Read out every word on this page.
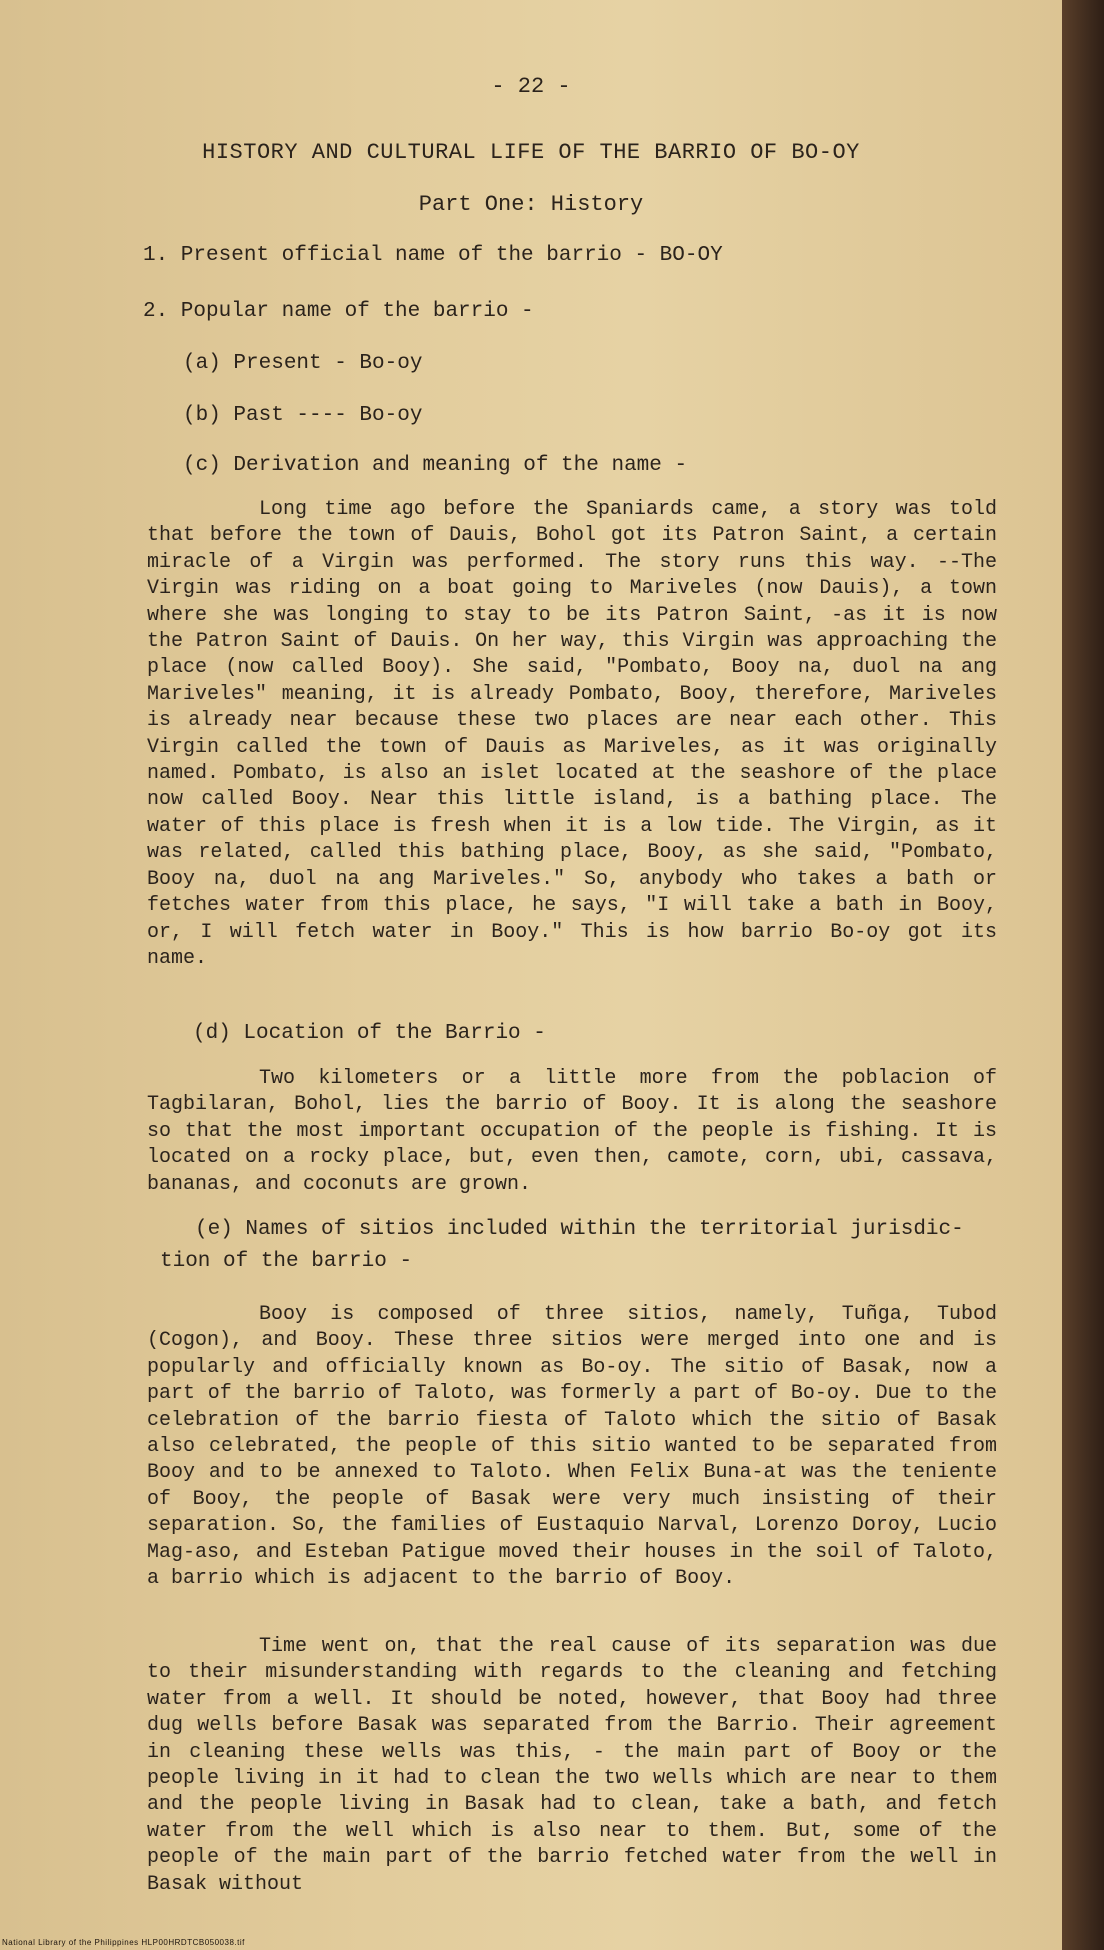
- 22 -
HISTORY AND CULTURAL LIFE OF THE BARRIO OF BO-OY
Part One: History
1. Present official name of the barrio - BO-OY
2. Popular name of the barrio -
(a) Present - Bo-oy
(b) Past ---- Bo-oy
(c) Derivation and meaning of the name -

Long time ago before the Spaniards came, a story was told that before the town of Dauis, Bohol got its Patron Saint, a certain miracle of a Virgin was performed. The story runs this way. --The Virgin was riding on a boat going to Mariveles (now Dauis), a town where she was longing to stay to be its Patron Saint, -as it is now the Patron Saint of Dauis. On her way, this Virgin was approaching the place (now called Booy). She said, "Pombato, Booy na, duol na ang Mariveles" meaning, it is already Pombato, Booy, therefore, Mariveles is already near because these two places are near each other. This Virgin called the town of Dauis as Mariveles, as it was originally named. Pombato, is also an islet located at the seashore of the place now called Booy. Near this little island, is a bathing place. The water of this place is fresh when it is a low tide. The Virgin, as it was related, called this bathing place, Booy, as she said, "Pombato, Booy na, duol na ang Mariveles." So, anybody who takes a bath or fetches water from this place, he says, "I will take a bath in Booy, or, I will fetch water in Booy." This is how barrio Bo-oy got its name.

(d) Location of the Barrio -

Two kilometers or a little more from the poblacion of Tagbilaran, Bohol, lies the barrio of Booy. It is along the seashore so that the most important occupation of the people is fishing. It is located on a rocky place, but, even then, camote, corn, ubi, cassava, bananas, and coconuts are grown.

(e) Names of sitios included within the territorial jurisdic-
tion of the barrio -

Booy is composed of three sitios, namely, Tuñga, Tubod (Cogon), and Booy. These three sitios were merged into one and is popularly and officially known as Bo-oy. The sitio of Basak, now a part of the barrio of Taloto, was formerly a part of Bo-oy. Due to the celebration of the barrio fiesta of Taloto which the sitio of Basak also celebrated, the people of this sitio wanted to be separated from Booy and to be annexed to Taloto. When Felix Buna-at was the teniente of Booy, the people of Basak were very much insisting of their separation. So, the families of Eustaquio Narval, Lorenzo Doroy, Lucio Mag-aso, and Esteban Patigue moved their houses in the soil of Taloto, a barrio which is adjacent to the barrio of Booy.

Time went on, that the real cause of its separation was due to their misunderstanding with regards to the cleaning and fetching water from a well. It should be noted, however, that Booy had three dug wells before Basak was separated from the Barrio. Their agreement in cleaning these wells was this, - the main part of Booy or the people living in it had to clean the two wells which are near to them and the people living in Basak had to clean, take a bath, and fetch water from the well which is also near to them. But, some of the people of the main part of the barrio fetched water from the well in Basak without

National Library of the Philippines HLP00HRDTCB050038.tif
